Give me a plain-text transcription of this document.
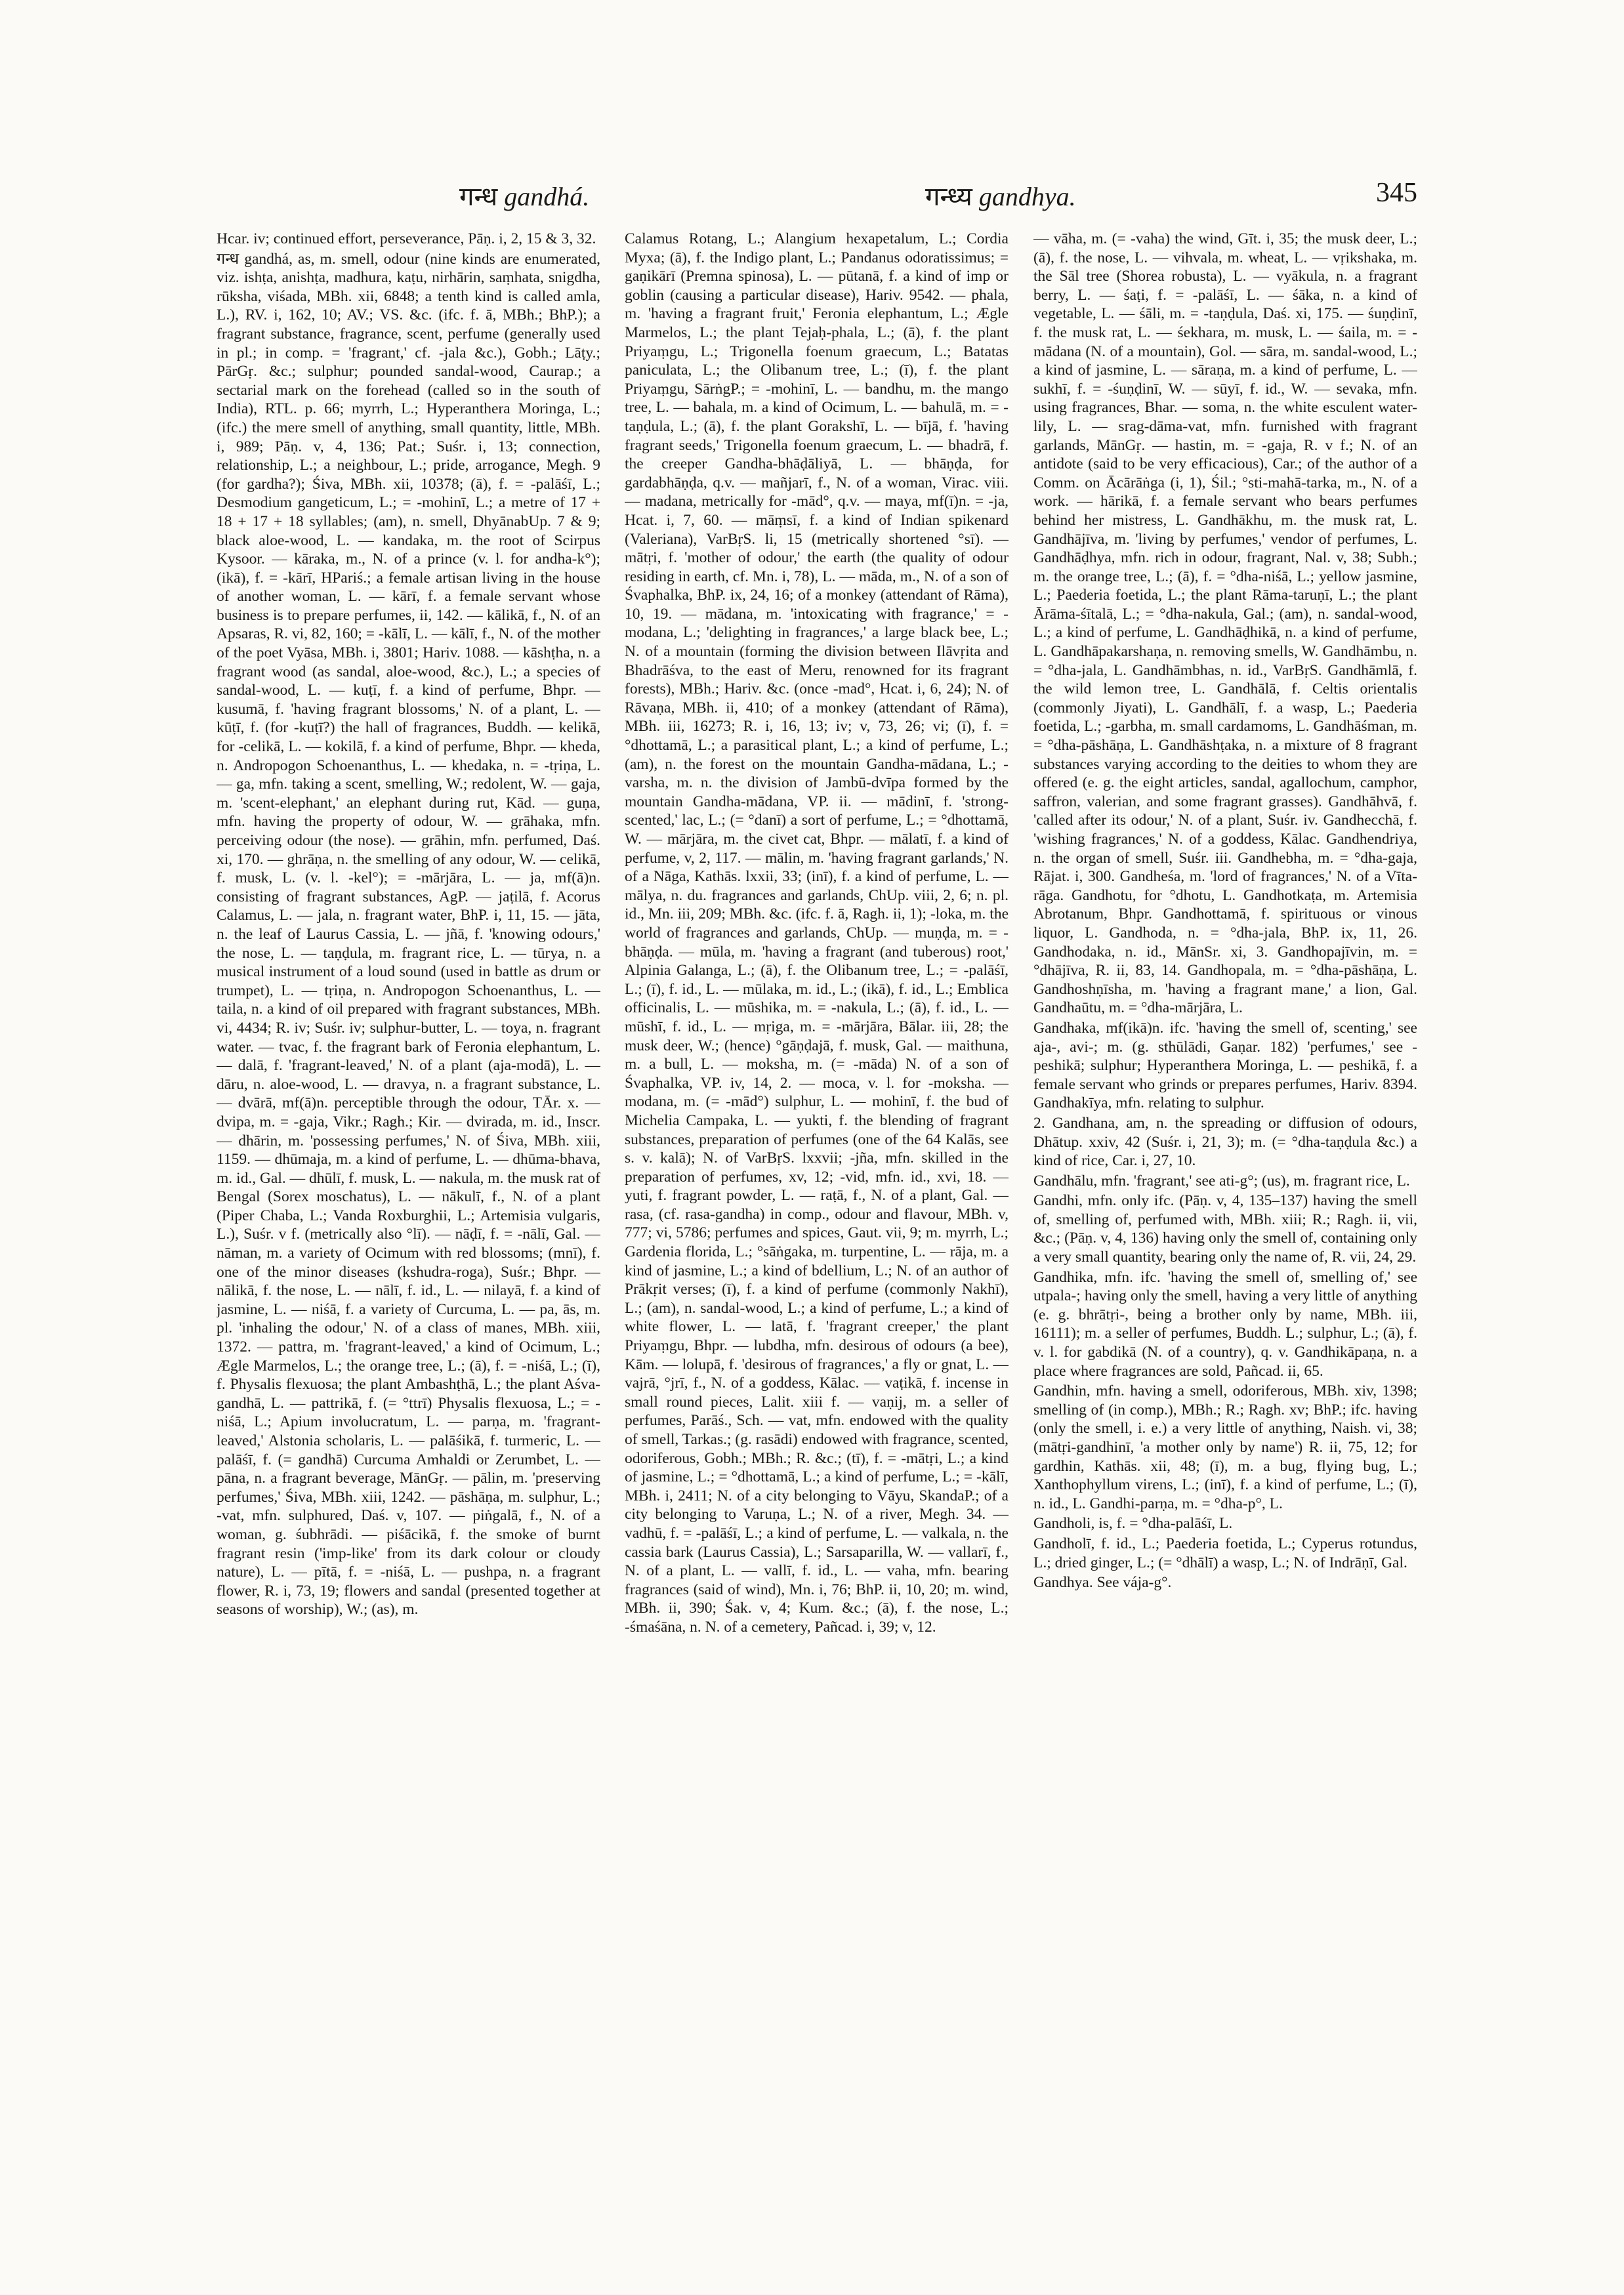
गन्ध gandhá.	गन्ध्य gandhya.	345

Hcar. iv; continued effort, perseverance, Pāṇ. i, 2, 15 & 3, 32.

गन्ध gandhá, as, m. smell, odour (nine kinds are enumerated, viz. ishṭa, anishṭa, madhura, kaṭu, nirhārin, saṃhata, snigdha, rūksha, viśada, MBh. xii, 6848; a tenth kind is called amla, L.), RV. i, 162, 10; AV.; VS. &c. (ifc. f. ā, MBh.; BhP.); a fragrant substance, fragrance, scent, perfume (generally used in pl.; in comp. = 'fragrant,' cf. -jala &c.), Gobh.; Lāṭy.; PārGṛ. &c.; sulphur; pounded sandal-wood, Caurap.; a sectarial mark on the forehead (called so in the south of India), RTL. p. 66; myrrh, L.; Hyperanthera Moringa, L.; (ifc.) the mere smell of anything, small quantity, little, MBh. i, 989; Pāṇ. v, 4, 136; Pat.; Suśr. i, 13; connection, relationship, L.; a neighbour, L.; pride, arrogance, Megh. 9 (for gardha?); Śiva, MBh. xii, 10378; (ā), f. = -palāśī, L.; Desmodium gangeticum, L.; = -mohinī, L.; a metre of 17 + 18 + 17 + 18 syllables; (am), n. smell, DhyānabUp. 7 & 9; black aloe-wood, L. — kandaka, m. the root of Scirpus Kysoor. — kāraka, m., N. of a prince (v. l. for andha-k°); (ikā), f. = -kārī, HPariś.; a female artisan living in the house of another woman, L. — kārī, f. a female servant whose business is to prepare perfumes, ii, 142. — kālikā, f., N. of an Apsaras, R. vi, 82, 160; = -kālī, L. — kālī, f., N. of the mother of the poet Vyāsa, MBh. i, 3801; Hariv. 1088. — kāshṭha, n. a fragrant wood (as sandal, aloe-wood, &c.), L.; a species of sandal-wood, L. — kuṭī, f. a kind of perfume, Bhpr. — kusumā, f. 'having fragrant blossoms,' N. of a plant, L. — kūṭī, f. (for -kuṭī?) the hall of fragrances, Buddh. — kelikā, for -celikā, L. — kokilā, f. a kind of perfume, Bhpr. — kheda, n. Andropogon Schoenanthus, L. — khedaka, n. = -tṛiṇa, L. — ga, mfn. taking a scent, smelling, W.; redolent, W. — gaja, m. 'scent-elephant,' an elephant during rut, Kād. — guṇa, mfn. having the property of odour, W. — grāhaka, mfn. perceiving odour (the nose). — grāhin, mfn. perfumed, Daś. xi, 170. — ghrāṇa, n. the smelling of any odour, W. — celikā, f. musk, L. (v. l. -kel°); = -mārjāra, L. — ja, mf(ā)n. consisting of fragrant substances, AgP. — jaṭilā, f. Acorus Calamus, L. — jala, n. fragrant water, BhP. i, 11, 15. — jāta, n. the leaf of Laurus Cassia, L. — jñā, f. 'knowing odours,' the nose, L. — taṇḍula, m. fragrant rice, L. — tūrya, n. a musical instrument of a loud sound (used in battle as drum or trumpet), L. — tṛiṇa, n. Andropogon Schoenanthus, L. — taila, n. a kind of oil prepared with fragrant substances, MBh. vi, 4434; R. iv; Suśr. iv; sulphur-butter, L. — toya, n. fragrant water. — tvac, f. the fragrant bark of Feronia elephantum, L. — dalā, f. 'fragrant-leaved,' N. of a plant (aja-modā), L. — dāru, n. aloe-wood, L. — dravya, n. a fragrant substance, L. — dvārā, mf(ā)n. perceptible through the odour, TĀr. x. — dvipa, m. = -gaja, Vikr.; Ragh.; Kir. — dvirada, m. id., Inscr. — dhārin, m. 'possessing perfumes,' N. of Śiva, MBh. xiii, 1159. — dhūmaja, m. a kind of perfume, L. — dhūma-bhava, m. id., Gal. — dhūlī, f. musk, L. — nakula, m. the musk rat of Bengal (Sorex moschatus), L. — nākulī, f., N. of a plant (Piper Chaba, L.; Vanda Roxburghii, L.; Artemisia vulgaris, L.), Suśr. v f. (metrically also °lī). — nāḍī, f. = -nālī, Gal. — nāman, m. a variety of Ocimum with red blossoms; (mnī), f. one of the minor diseases (kshudra-roga), Suśr.; Bhpr. — nālikā, f. the nose, L. — nālī, f. id., L. — nilayā, f. a kind of jasmine, L. — niśā, f. a variety of Curcuma, L. — pa, ās, m. pl. 'inhaling the odour,' N. of a class of manes, MBh. xiii, 1372. — pattra, m. 'fragrant-leaved,' a kind of Ocimum, L.; Ægle Marmelos, L.; the orange tree, L.; (ā), f. = -niśā, L.; (ī), f. Physalis flexuosa; the plant Ambashṭhā, L.; the plant Aśva-gandhā, L. — pattrikā, f. (= °ttrī) Physalis flexuosa, L.; = -niśā, L.; Apium involucratum, L. — parṇa, m. 'fragrant-leaved,' Alstonia scholaris, L. — palāśikā, f. turmeric, L. — palāśī, f. (= gandhā) Curcuma Amhaldi or Zerumbet, L. — pāna, n. a fragrant beverage, MānGṛ. — pālin, m. 'preserving perfumes,' Śiva, MBh. xiii, 1242. — pāshāṇa, m. sulphur, L.; -vat, mfn. sulphured, Daś. v, 107. — piṅgalā, f., N. of a woman, g. śubhrādi. — piśācikā, f. the smoke of burnt fragrant resin ('imp-like' from its dark colour or cloudy nature), L. — pītā, f. = -niśā, L. — pushpa, n. a fragrant flower, R. i, 73, 19; flowers and sandal (presented together at seasons of worship), W.; (as), m.

Calamus Rotang, L.; Alangium hexapetalum, L.; Cordia Myxa; (ā), f. the Indigo plant, L.; Pandanus odoratissimus; = gaṇikārī (Premna spinosa), L. — pūtanā, f. a kind of imp or goblin (causing a particular disease), Hariv. 9542. — phala, m. 'having a fragrant fruit,' Feronia elephantum, L.; Ægle Marmelos, L.; the plant Tejaḥ-phala, L.; (ā), f. the plant Priyaṃgu, L.; Trigonella foenum graecum, L.; Batatas paniculata, L.; the Olibanum tree, L.; (ī), f. the plant Priyaṃgu, SārṅgP.; = -mohinī, L. — bandhu, m. the mango tree, L. — bahala, m. a kind of Ocimum, L. — bahulā, m. = -taṇḍula, L.; (ā), f. the plant Gorakshī, L. — bījā, f. 'having fragrant seeds,' Trigonella foenum graecum, L. — bhadrā, f. the creeper Gandha-bhāḍāliyā, L. — bhāṇḍa, for gardabhāṇḍa, q.v. — mañjarī, f., N. of a woman, Virac. viii. — madana, metrically for -mād°, q.v. — maya, mf(ī)n. = -ja, Hcat. i, 7, 60. — māṃsī, f. a kind of Indian spikenard (Valeriana), VarBṛS. li, 15 (metrically shortened °sī). — mātṛi, f. 'mother of odour,' the earth (the quality of odour residing in earth, cf. Mn. i, 78), L. — māda, m., N. of a son of Śvaphalka, BhP. ix, 24, 16; of a monkey (attendant of Rāma), 10, 19. — mādana, m. 'intoxicating with fragrance,' = -modana, L.; 'delighting in fragrances,' a large black bee, L.; N. of a mountain (forming the division between Ilāvṛita and Bhadrāśva, to the east of Meru, renowned for its fragrant forests), MBh.; Hariv. &c. (once -mad°, Hcat. i, 6, 24); N. of Rāvaṇa, MBh. ii, 410; of a monkey (attendant of Rāma), MBh. iii, 16273; R. i, 16, 13; iv; v, 73, 26; vi; (ī), f. = °dhottamā, L.; a parasitical plant, L.; a kind of perfume, L.; (am), n. the forest on the mountain Gandha-mādana, L.; -varsha, m. n. the division of Jambū-dvīpa formed by the mountain Gandha-mādana, VP. ii. — mādinī, f. 'strong-scented,' lac, L.; (= °danī) a sort of perfume, L.; = °dhottamā, W. — mārjāra, m. the civet cat, Bhpr. — mālatī, f. a kind of perfume, v, 2, 117. — mālin, m. 'having fragrant garlands,' N. of a Nāga, Kathās. lxxii, 33; (inī), f. a kind of perfume, L. — mālya, n. du. fragrances and garlands, ChUp. viii, 2, 6; n. pl. id., Mn. iii, 209; MBh. &c. (ifc. f. ā, Ragh. ii, 1); -loka, m. the world of fragrances and garlands, ChUp. — muṇḍa, m. = -bhāṇḍa. — mūla, m. 'having a fragrant (and tuberous) root,' Alpinia Galanga, L.; (ā), f. the Olibanum tree, L.; = -palāśī, L.; (ī), f. id., L. — mūlaka, m. id., L.; (ikā), f. id., L.; Emblica officinalis, L. — mūshika, m. = -nakula, L.; (ā), f. id., L. — mūshī, f. id., L. — mṛiga, m. = -mārjāra, Bālar. iii, 28; the musk deer, W.; (hence) °gāṇḍajā, f. musk, Gal. — maithuna, m. a bull, L. — moksha, m. (= -māda) N. of a son of Śvaphalka, VP. iv, 14, 2. — moca, v. l. for -moksha. — modana, m. (= -mād°) sulphur, L. — mohinī, f. the bud of Michelia Campaka, L. — yukti, f. the blending of fragrant substances, preparation of perfumes (one of the 64 Kalās, see s. v. kalā); N. of VarBṛS. lxxvii; -jña, mfn. skilled in the preparation of perfumes, xv, 12; -vid, mfn. id., xvi, 18. — yuti, f. fragrant powder, L. — raṭā, f., N. of a plant, Gal. — rasa, (cf. rasa-gandha) in comp., odour and flavour, MBh. v, 777; vi, 5786; perfumes and spices, Gaut. vii, 9; m. myrrh, L.; Gardenia florida, L.; °sāṅgaka, m. turpentine, L. — rāja, m. a kind of jasmine, L.; a kind of bdellium, L.; N. of an author of Prākṛit verses; (ī), f. a kind of perfume (commonly Nakhī), L.; (am), n. sandal-wood, L.; a kind of perfume, L.; a kind of white flower, L. — latā, f. 'fragrant creeper,' the plant Priyaṃgu, Bhpr. — lubdha, mfn. desirous of odours (a bee), Kām. — lolupā, f. 'desirous of fragrances,' a fly or gnat, L. — vajrā, °jrī, f., N. of a goddess, Kālac. — vaṭikā, f. incense in small round pieces, Lalit. xiii f. — vaṇij, m. a seller of perfumes, Parāś., Sch. — vat, mfn. endowed with the quality of smell, Tarkas.; (g. rasādi) endowed with fragrance, scented, odoriferous, Gobh.; MBh.; R. &c.; (tī), f. = -mātṛi, L.; a kind of jasmine, L.; = °dhottamā, L.; a kind of perfume, L.; = -kālī, MBh. i, 2411; N. of a city belonging to Vāyu, SkandaP.; of a city belonging to Varuṇa, L.; N. of a river, Megh. 34. — vadhū, f. = -palāśī, L.; a kind of perfume, L. — valkala, n. the cassia bark (Laurus Cassia), L.; Sarsaparilla, W. — vallarī, f., N. of a plant, L. — vallī, f. id., L. — vaha, mfn. bearing fragrances (said of wind), Mn. i, 76; BhP. ii, 10, 20; m. wind, MBh. ii, 390; Śak. v, 4; Kum. &c.; (ā), f. the nose, L.; -śmaśāna, n. N. of a cemetery, Pañcad. i, 39; v, 12.

— vāha, m. (= -vaha) the wind, Gīt. i, 35; the musk deer, L.; (ā), f. the nose, L. — vihvala, m. wheat, L. — vṛikshaka, m. the Sāl tree (Shorea robusta), L. — vyākula, n. a fragrant berry, L. — śaṭi, f. = -palāśī, L. — śāka, n. a kind of vegetable, L. — śāli, m. = -taṇḍula, Daś. xi, 175. — śuṇḍinī, f. the musk rat, L. — śekhara, m. musk, L. — śaila, m. = -mādana (N. of a mountain), Gol. — sāra, m. sandal-wood, L.; a kind of jasmine, L. — sāraṇa, m. a kind of perfume, L. — sukhī, f. = -śuṇḍinī, W. — sūyī, f. id., W. — sevaka, mfn. using fragrances, Bhar. — soma, n. the white esculent water-lily, L. — srag-dāma-vat, mfn. furnished with fragrant garlands, MānGṛ. — hastin, m. = -gaja, R. v f.; N. of an antidote (said to be very efficacious), Car.; of the author of a Comm. on Ācārāṅga (i, 1), Śil.; °sti-mahā-tarka, m., N. of a work. — hārikā, f. a female servant who bears perfumes behind her mistress, L. Gandhākhu, m. the musk rat, L. Gandhājīva, m. 'living by perfumes,' vendor of perfumes, L. Gandhāḍhya, mfn. rich in odour, fragrant, Nal. v, 38; Subh.; m. the orange tree, L.; (ā), f. = °dha-niśā, L.; yellow jasmine, L.; Paederia foetida, L.; the plant Rāma-taruṇī, L.; the plant Ārāma-śītalā, L.; = °dha-nakula, Gal.; (am), n. sandal-wood, L.; a kind of perfume, L. Gandhāḍhikā, n. a kind of perfume, L. Gandhāpakarshaṇa, n. removing smells, W. Gandhāmbu, n. = °dha-jala, L. Gandhāmbhas, n. id., VarBṛS. Gandhāmlā, f. the wild lemon tree, L. Gandhālā, f. Celtis orientalis (commonly Jiyati), L. Gandhālī, f. a wasp, L.; Paederia foetida, L.; -garbha, m. small cardamoms, L. Gandhāśman, m. = °dha-pāshāṇa, L. Gandhāshṭaka, n. a mixture of 8 fragrant substances varying according to the deities to whom they are offered (e. g. the eight articles, sandal, agallochum, camphor, saffron, valerian, and some fragrant grasses). Gandhāhvā, f. 'called after its odour,' N. of a plant, Suśr. iv. Gandhecchā, f. 'wishing fragrances,' N. of a goddess, Kālac. Gandhendriya, n. the organ of smell, Suśr. iii. Gandhebha, m. = °dha-gaja, Rājat. i, 300. Gandheśa, m. 'lord of fragrances,' N. of a Vīta-rāga. Gandhotu, for °dhotu, L. Gandhotkaṭa, m. Artemisia Abrotanum, Bhpr. Gandhottamā, f. spirituous or vinous liquor, L. Gandhoda, n. = °dha-jala, BhP. ix, 11, 26. Gandhodaka, n. id., MānSr. xi, 3. Gandhopajīvin, m. = °dhājīva, R. ii, 83, 14. Gandhopala, m. = °dha-pāshāṇa, L. Gandhoshṇīsha, m. 'having a fragrant mane,' a lion, Gal. Gandhaūtu, m. = °dha-mārjāra, L.

Gandhaka, mf(ikā)n. ifc. 'having the smell of, scenting,' see aja-, avi-; m. (g. sthūlādi, Gaṇar. 182) 'perfumes,' see -peshikā; sulphur; Hyperanthera Moringa, L. — peshikā, f. a female servant who grinds or prepares perfumes, Hariv. 8394. Gandhakīya, mfn. relating to sulphur.

2. Gandhana, am, n. the spreading or diffusion of odours, Dhātup. xxiv, 42 (Suśr. i, 21, 3); m. (= °dha-taṇḍula &c.) a kind of rice, Car. i, 27, 10.

Gandhālu, mfn. 'fragrant,' see ati-g°; (us), m. fragrant rice, L.

Gandhi, mfn. only ifc. (Pāṇ. v, 4, 135–137) having the smell of, smelling of, perfumed with, MBh. xiii; R.; Ragh. ii, vii, &c.; (Pāṇ. v, 4, 136) having only the smell of, containing only a very small quantity, bearing only the name of, R. vii, 24, 29.

Gandhika, mfn. ifc. 'having the smell of, smelling of,' see utpala-; having only the smell, having a very little of anything (e. g. bhrātṛi-, being a brother only by name, MBh. iii, 16111); m. a seller of perfumes, Buddh. L.; sulphur, L.; (ā), f. v. l. for gabdikā (N. of a country), q. v. Gandhikāpaṇa, n. a place where fragrances are sold, Pañcad. ii, 65.

Gandhin, mfn. having a smell, odoriferous, MBh. xiv, 1398; smelling of (in comp.), MBh.; R.; Ragh. xv; BhP.; ifc. having (only the smell, i. e.) a very little of anything, Naish. vi, 38; (mātṛi-gandhinī, 'a mother only by name') R. ii, 75, 12; for gardhin, Kathās. xii, 48; (ī), m. a bug, flying bug, L.; Xanthophyllum virens, L.; (inī), f. a kind of perfume, L.; (ī), n. id., L. Gandhi-parṇa, m. = °dha-p°, L.

Gandholi, is, f. = °dha-palāśī, L.

Gandholī, f. id., L.; Paederia foetida, L.; Cyperus rotundus, L.; dried ginger, L.; (= °dhālī) a wasp, L.; N. of Indrāṇī, Gal.

Gandhya. See vája-g°.
